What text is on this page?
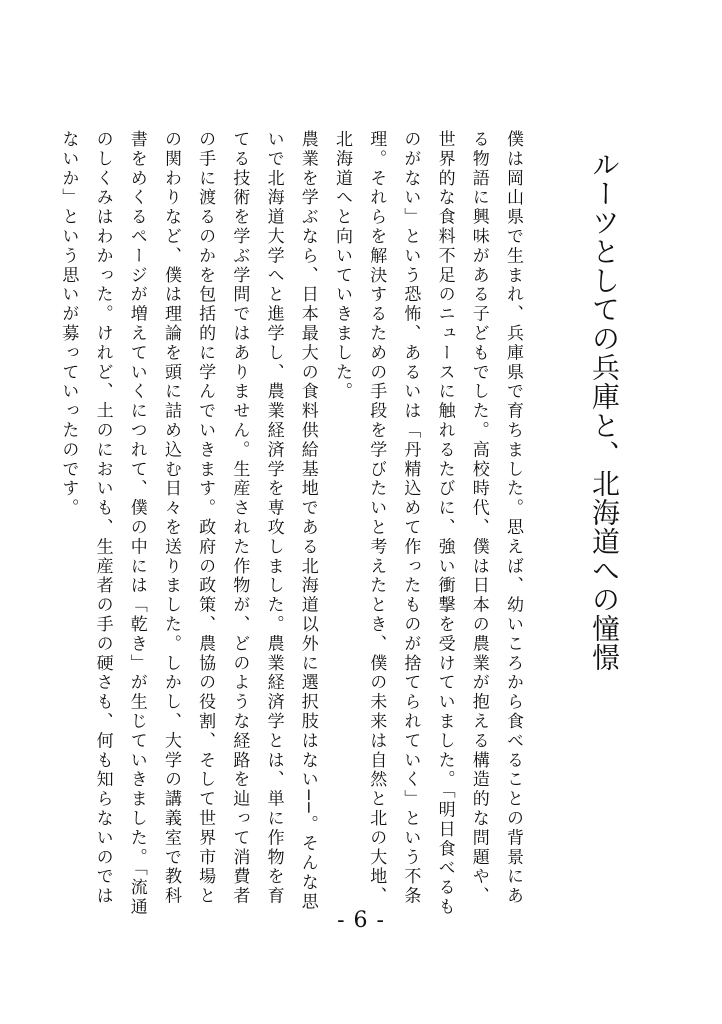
ルーツとしての兵庫と、北海道への憧憬

僕は岡山県で生まれ、兵庫県で育ちました。思えば、幼いころから食べることの背景にある物語に興味がある子どもでした。高校時代、僕は日本の農業が抱える構造的な問題や、世界的な食料不足のニュースに触れるたびに、強い衝撃を受けていました。「明日食べるものがない」という恐怖、あるいは「丹精込めて作ったものが捨てられていく」という不条理。それらを解決するための手段を学びたいと考えたとき、僕の未来は自然と北の大地、北海道へと向いていきました。

農業を学ぶなら、日本最大の食料供給基地である北海道以外に選択肢はない──。そんな思いで北海道大学へと進学し、農業経済学を専攻しました。農業経済学とは、単に作物を育てる技術を学ぶ学問ではありません。生産された作物が、どのような経路を辿って消費者の手に渡るのかを包括的に学んでいきます。政府の政策、農協の役割、そして世界市場との関わりなど、僕は理論を頭に詰め込む日々を送りました。しかし、大学の講義室で教科書をめくるページが増えていくにつれて、僕の中には「乾き」が生じていきました。「流通のしくみはわかった。けれど、土のにおいも、生産者の手の硬さも、何も知らないのではないか」という思いが募っていったのです。

- 6 -
